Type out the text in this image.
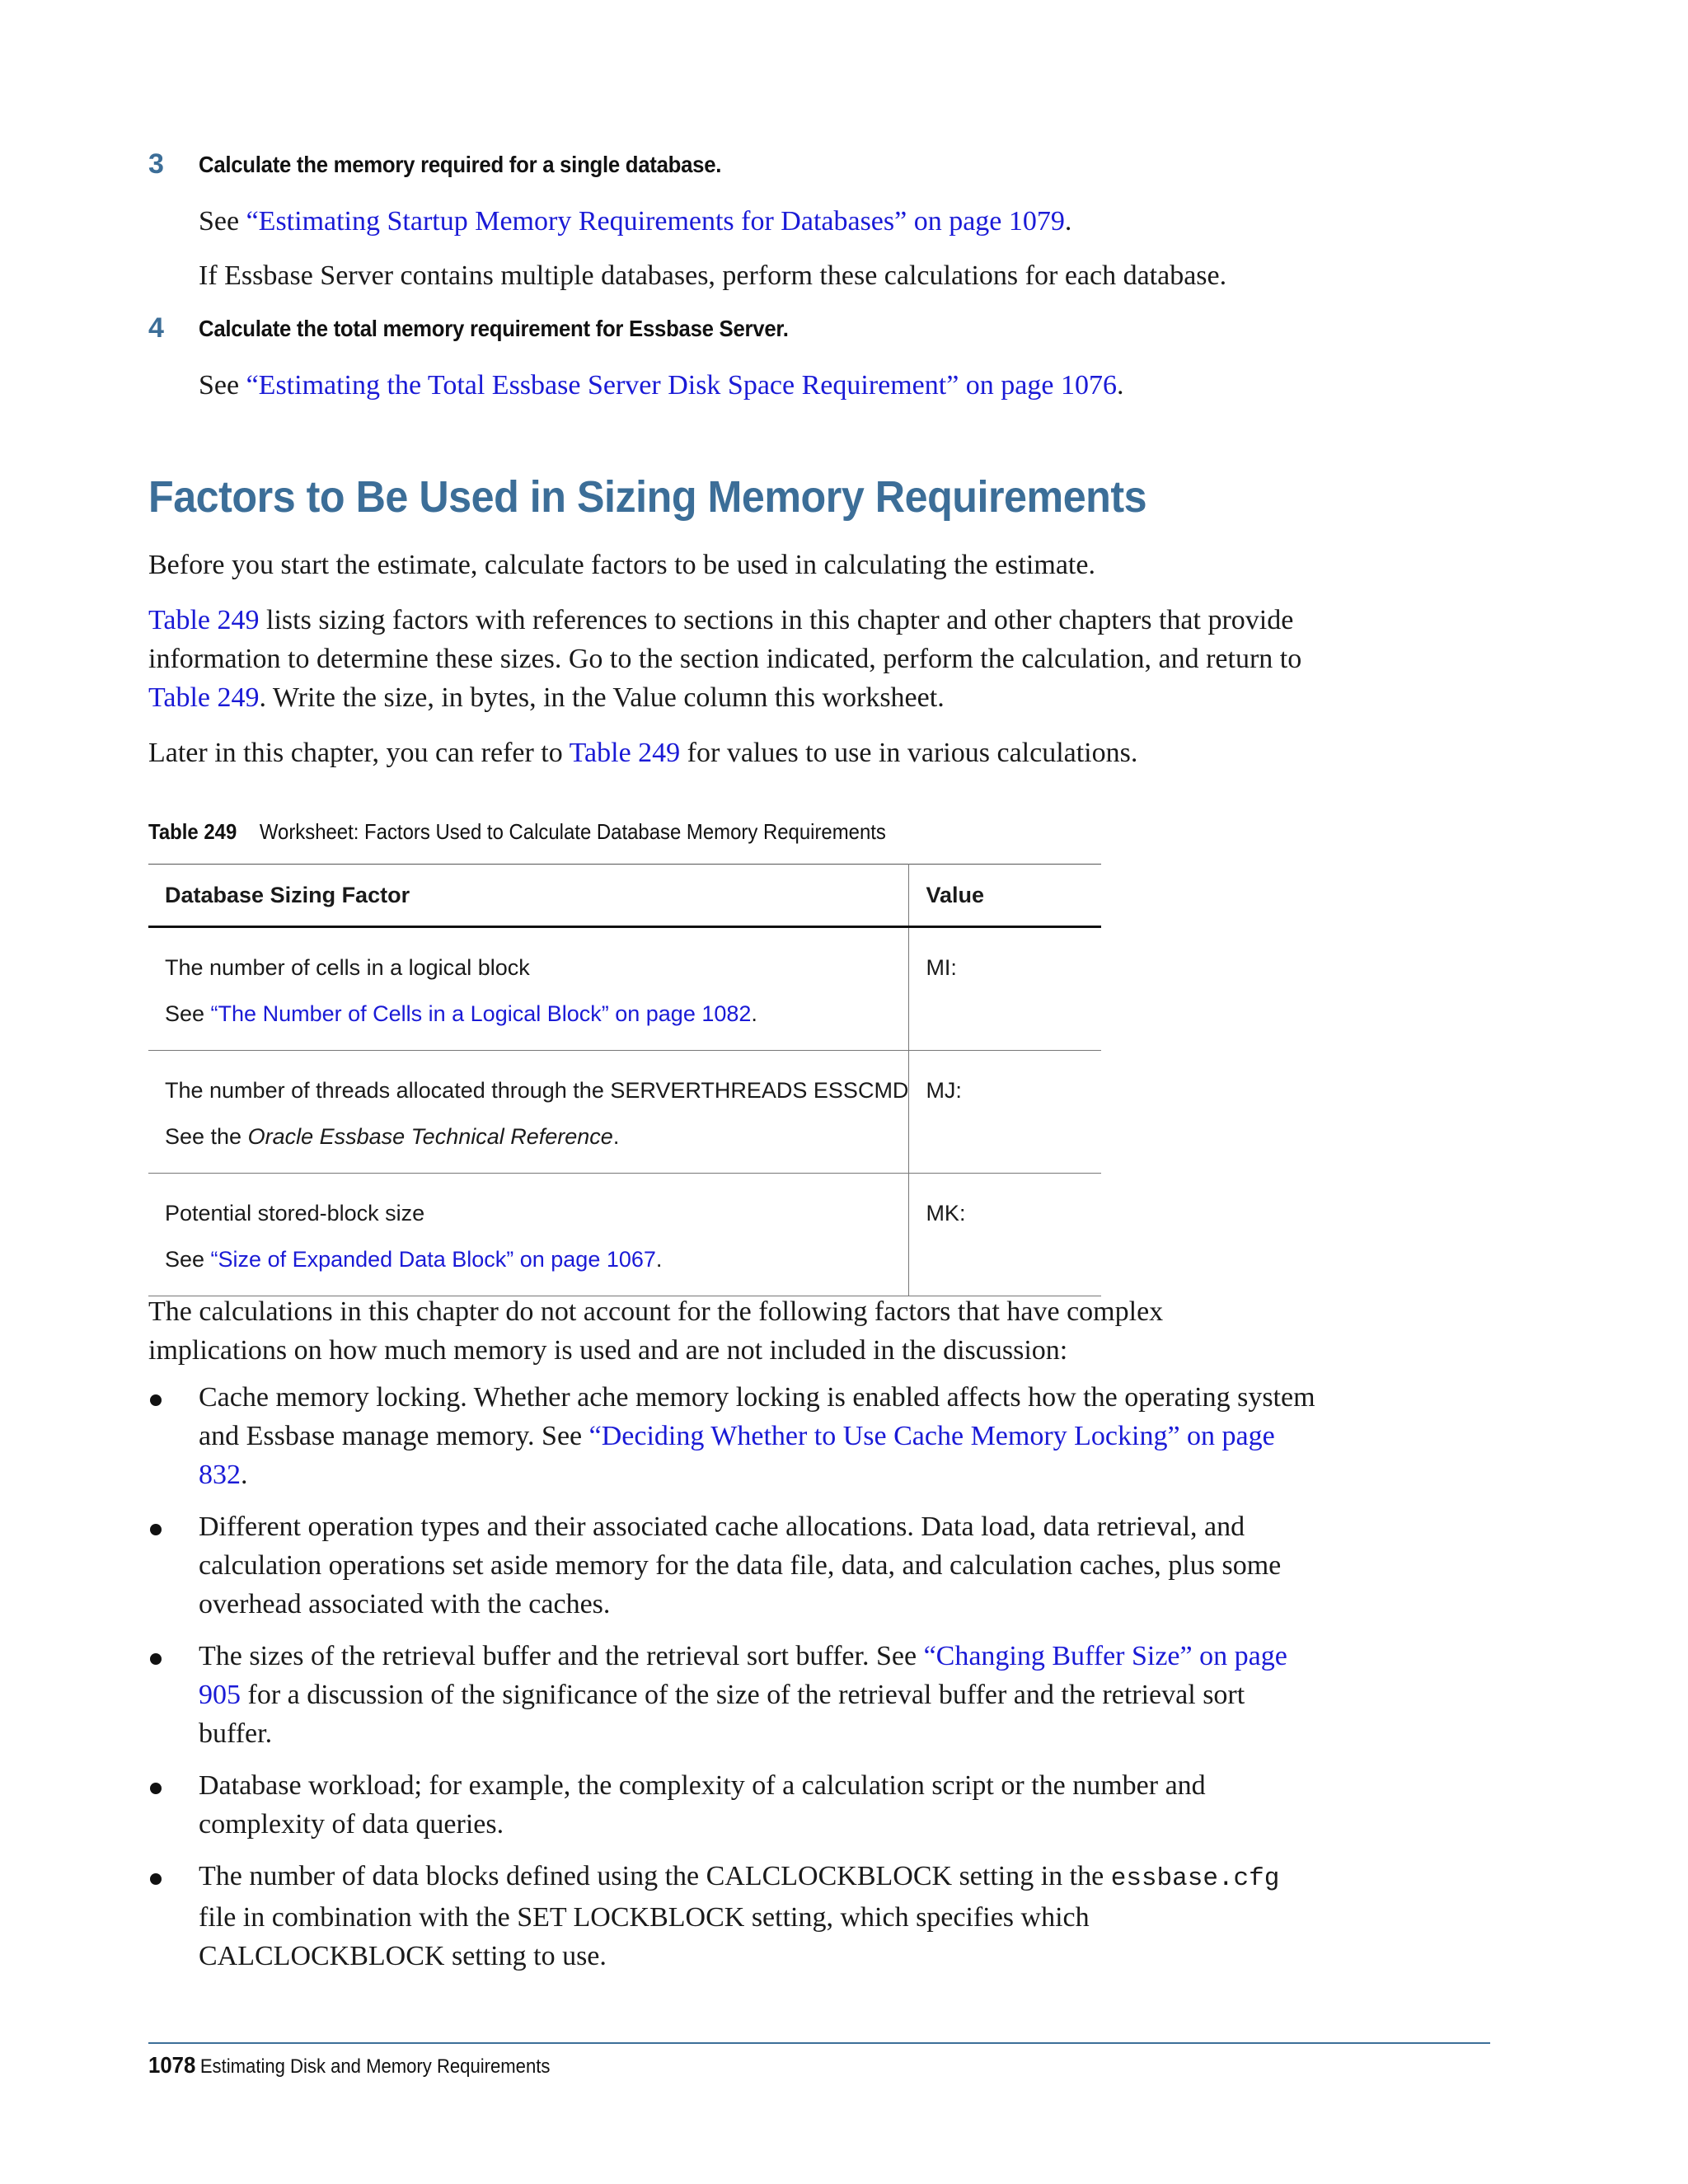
3 Calculate the memory required for a single database.
See “Estimating Startup Memory Requirements for Databases” on page 1079.
If Essbase Server contains multiple databases, perform these calculations for each database.
4 Calculate the total memory requirement for Essbase Server.
See “Estimating the Total Essbase Server Disk Space Requirement” on page 1076.
Factors to Be Used in Sizing Memory Requirements
Before you start the estimate, calculate factors to be used in calculating the estimate.
Table 249 lists sizing factors with references to sections in this chapter and other chapters that provide information to determine these sizes. Go to the section indicated, perform the calculation, and return to Table 249. Write the size, in bytes, in the Value column this worksheet.
Later in this chapter, you can refer to Table 249 for values to use in various calculations.
Table 249 Worksheet: Factors Used to Calculate Database Memory Requirements
Database Sizing Factor	Value

The number of cells in a logical block
See “The Number of Cells in a Logical Block” on page 1082.	MI:

The number of threads allocated through the SERVERTHREADS ESSCMD
See the Oracle Essbase Technical Reference.	MJ:

Potential stored-block size
See “Size of Expanded Data Block” on page 1067.	MK:
The calculations in this chapter do not account for the following factors that have complex implications on how much memory is used and are not included in the discussion:
Cache memory locking. Whether ache memory locking is enabled affects how the operating system and Essbase manage memory. See “Deciding Whether to Use Cache Memory Locking” on page 832.
Different operation types and their associated cache allocations. Data load, data retrieval, and calculation operations set aside memory for the data file, data, and calculation caches, plus some overhead associated with the caches.
The sizes of the retrieval buffer and the retrieval sort buffer. See “Changing Buffer Size” on page 905 for a discussion of the significance of the size of the retrieval buffer and the retrieval sort buffer.
Database workload; for example, the complexity of a calculation script or the number and complexity of data queries.
The number of data blocks defined using the CALCLOCKBLOCK setting in the essbase.cfg file in combination with the SET LOCKBLOCK setting, which specifies which CALCLOCKBLOCK setting to use.
1078 Estimating Disk and Memory Requirements
